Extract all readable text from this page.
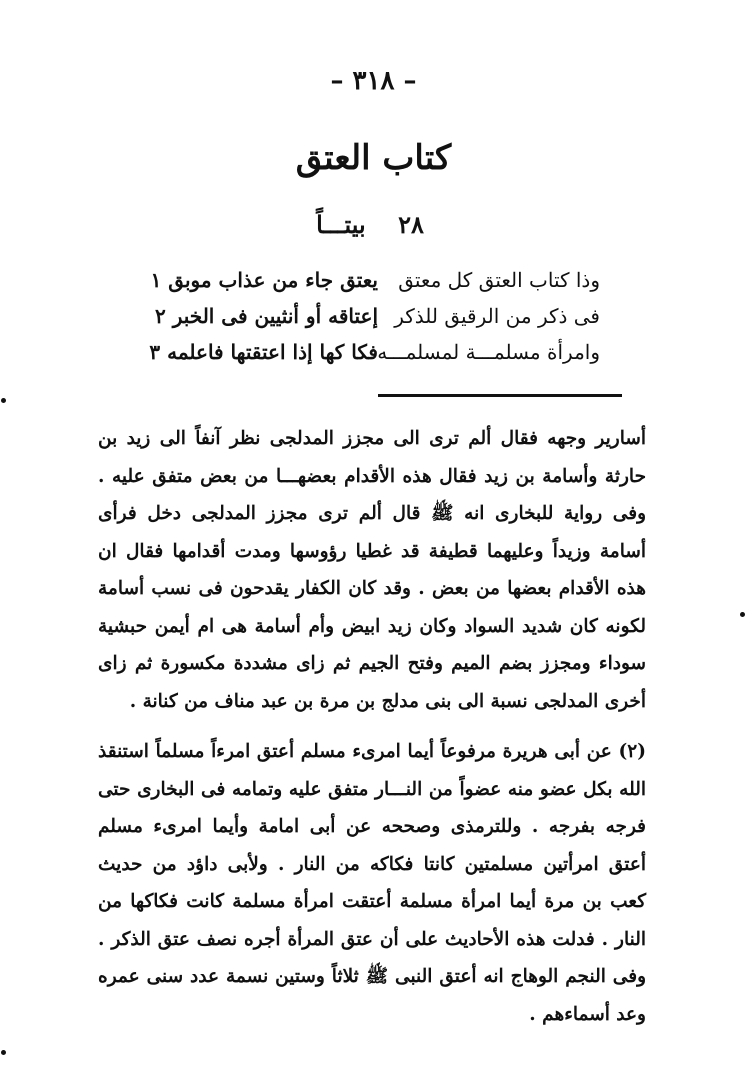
– ٣١٨ –
كتاب العتق
٢٨ بيتـــاً
وذا كتاب العتق كل معتق
يعتق جاء من عذاب موبق ١
فى ذكر من الرقيق للذكر
إعتاقه أو أنثيين فى الخبر ٢
وامرأة مسلمـــة لمسلمـــه
فكا كها إذا اعتقتها فاعلمه ٣
أسارير وجهه فقال ألم ترى الى مجزز المدلجى نظر آنفاً الى زيد بن حارثة وأسامة بن زيد فقال هذه الأقدام بعضهـــا من بعض متفق عليه . وفى رواية للبخارى انه ﷺ قال ألم ترى مجزز المدلجى دخل فرأى أسامة وزيداً وعليهما قطيفة قد غطيا رؤوسها ومدت أقدامها فقال ان هذه الأقدام بعضها من بعض . وقد كان الكفار يقدحون فى نسب أسامة لكونه كان شديد السواد وكان زيد ابيض وأم أسامة هى ام أيمن حبشية سوداء ومجزز بضم الميم وفتح الجيم ثم زاى مشددة مكسورة ثم زاى أخرى المدلجى نسبة الى بنى مدلج بن مرة بن عبد مناف من كنانة .
(٢) عن أبى هريرة مرفوعاً أيما امرىء مسلم أعتق امرءاً مسلماً استنقذ الله بكل عضو منه عضواً من النـــار متفق عليه وتمامه فى البخارى حتى فرجه بفرجه . وللترمذى وصححه عن أبى امامة وأيما امرىء مسلم أعتق امرأتين مسلمتين كانتا فكاكه من النار . ولأبى داؤد من حديث كعب بن مرة أيما امرأة مسلمة أعتقت امرأة مسلمة كانت فكاكها من النار . فدلت هذه الأحاديث على أن عتق المرأة أجره نصف عتق الذكر . وفى النجم الوهاج انه أعتق النبى ﷺ ثلاثاً وستين نسمة عدد سنى عمره وعد أسماءهم .
